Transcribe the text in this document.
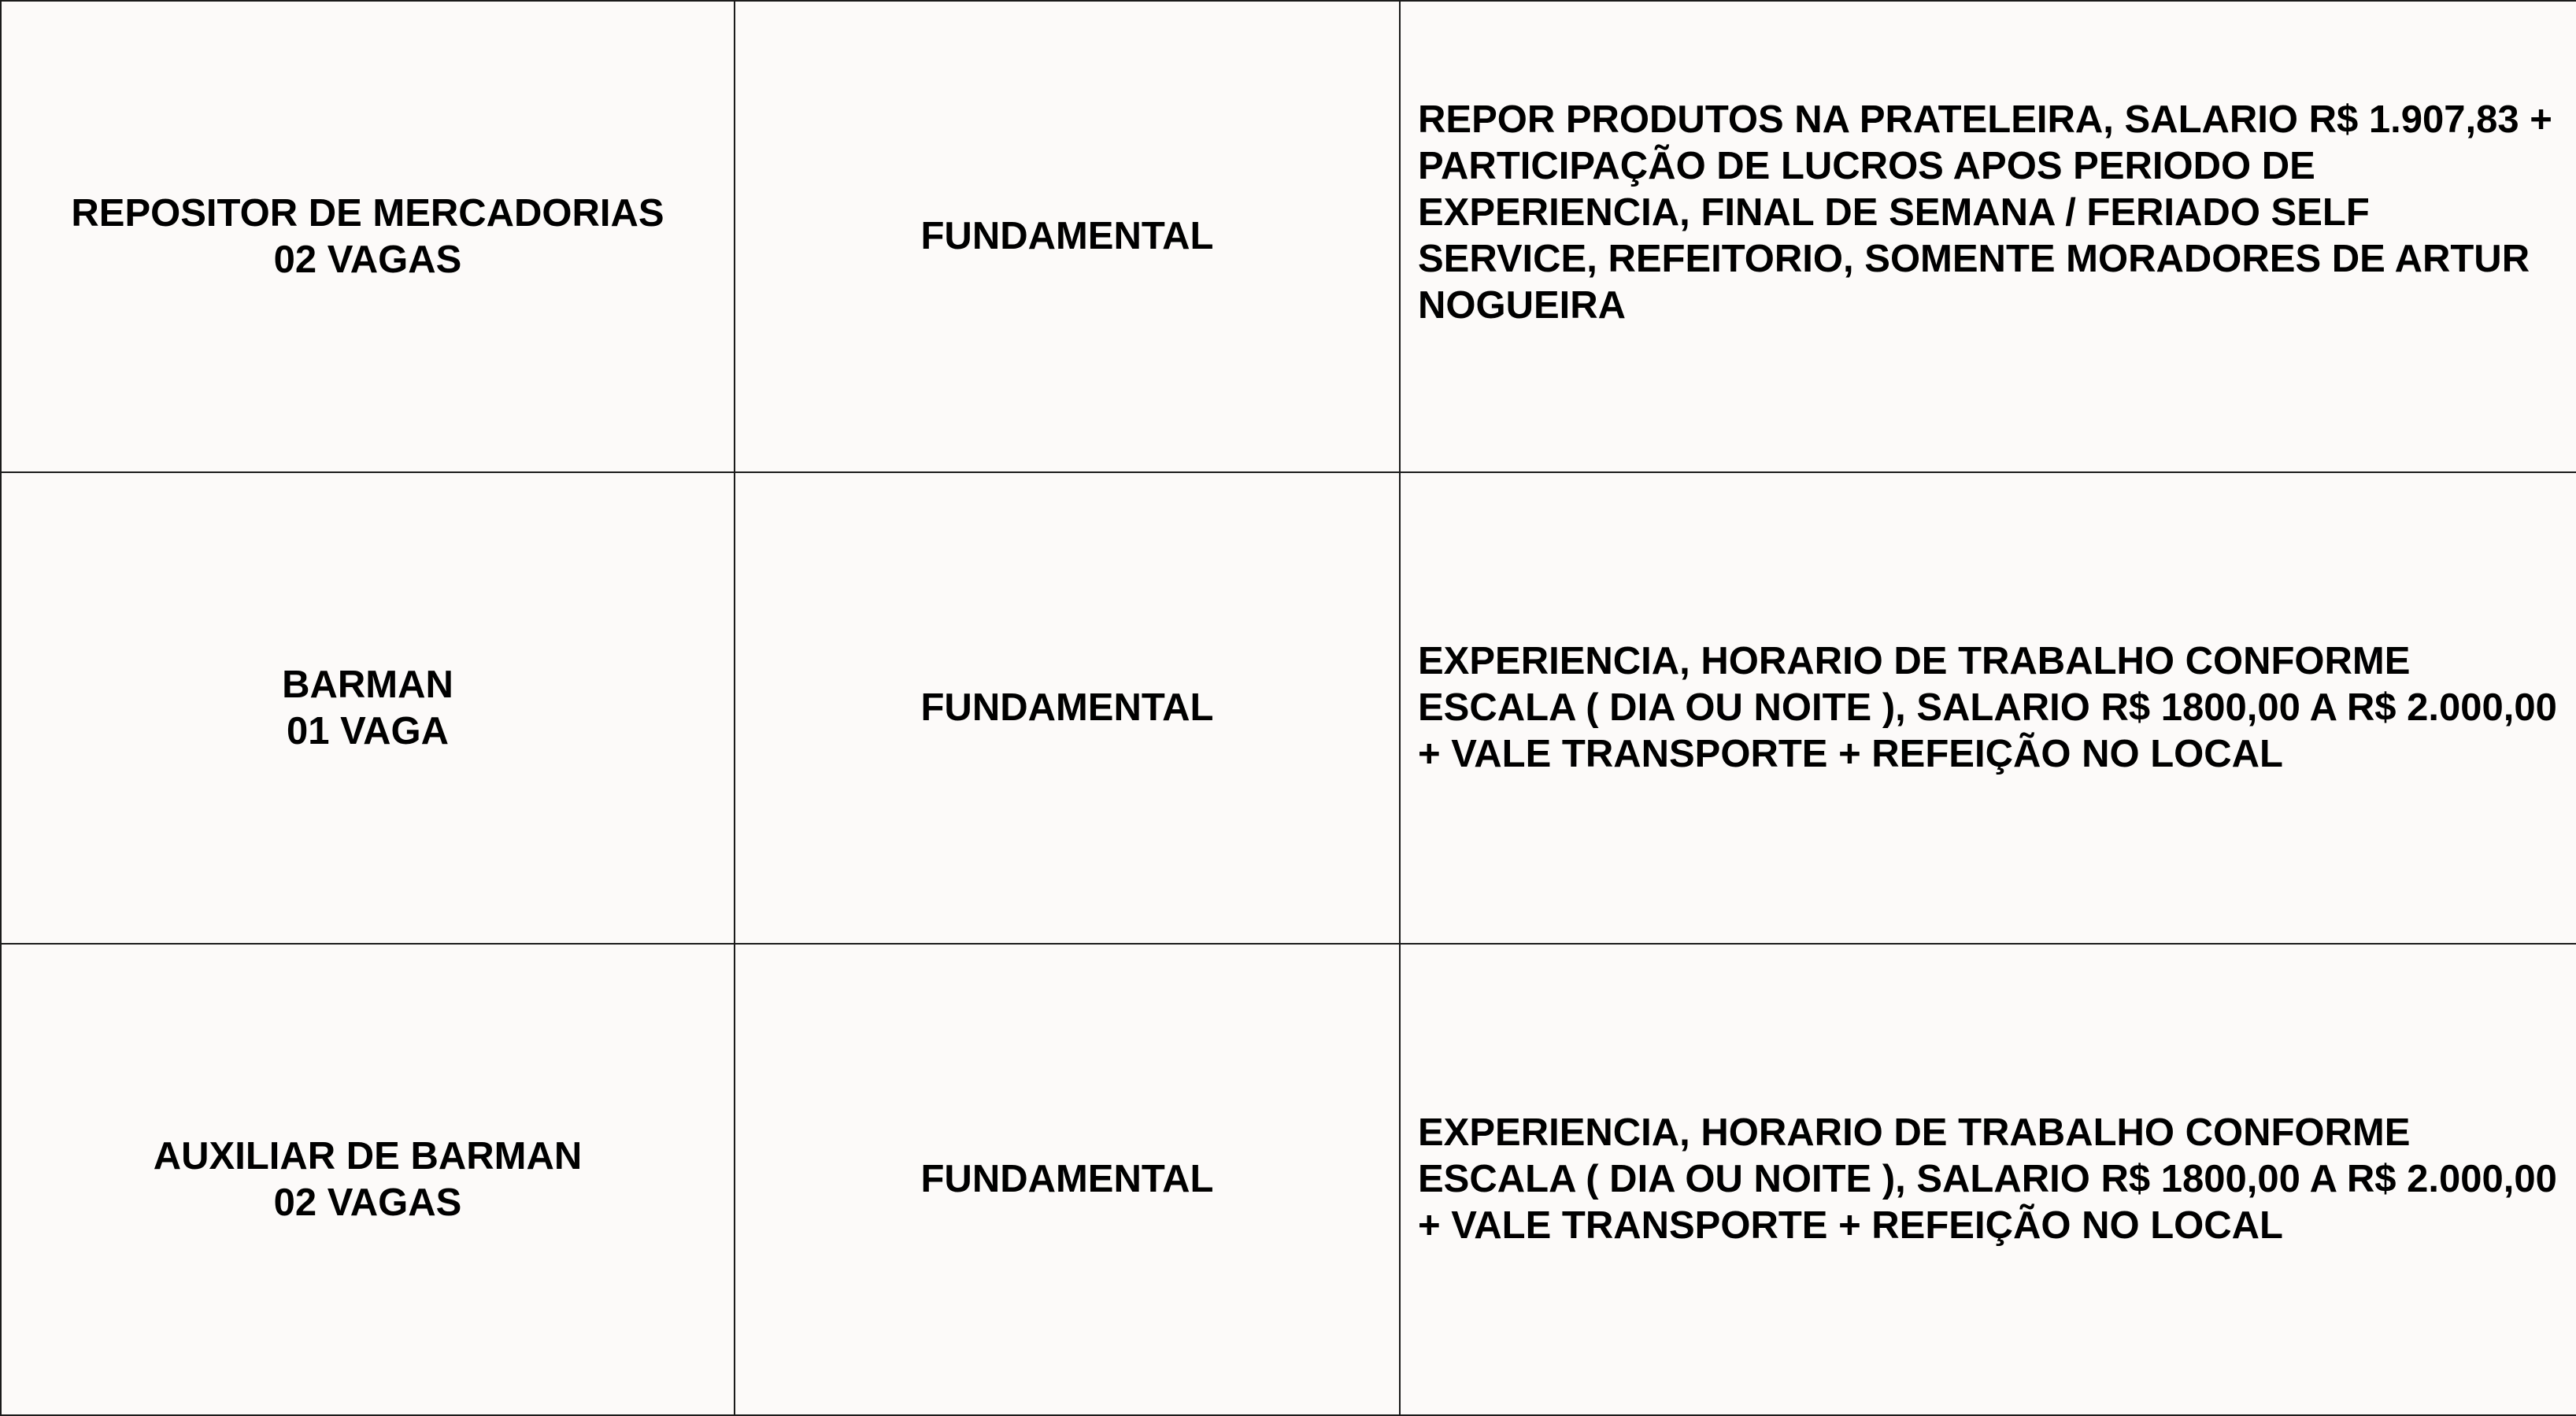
REPOSITOR DE MERCADORIAS
02 VAGAS	FUNDAMENTAL	REPOR PRODUTOS NA PRATELEIRA, SALARIO R$ 1.907,83 + PARTICIPAÇÃO DE LUCROS APOS PERIODO DE EXPERIENCIA, FINAL DE SEMANA / FERIADO SELF SERVICE, REFEITORIO, SOMENTE MORADORES DE ARTUR NOGUEIRA

BARMAN
01 VAGA	FUNDAMENTAL	EXPERIENCIA, HORARIO DE TRABALHO CONFORME ESCALA ( DIA OU NOITE ), SALARIO R$ 1800,00 A R$ 2.000,00 + VALE TRANSPORTE + REFEIÇÃO NO LOCAL

AUXILIAR DE BARMAN
02 VAGAS	FUNDAMENTAL	EXPERIENCIA, HORARIO DE TRABALHO CONFORME ESCALA ( DIA OU NOITE ), SALARIO R$ 1800,00 A R$ 2.000,00 + VALE TRANSPORTE + REFEIÇÃO NO LOCAL
